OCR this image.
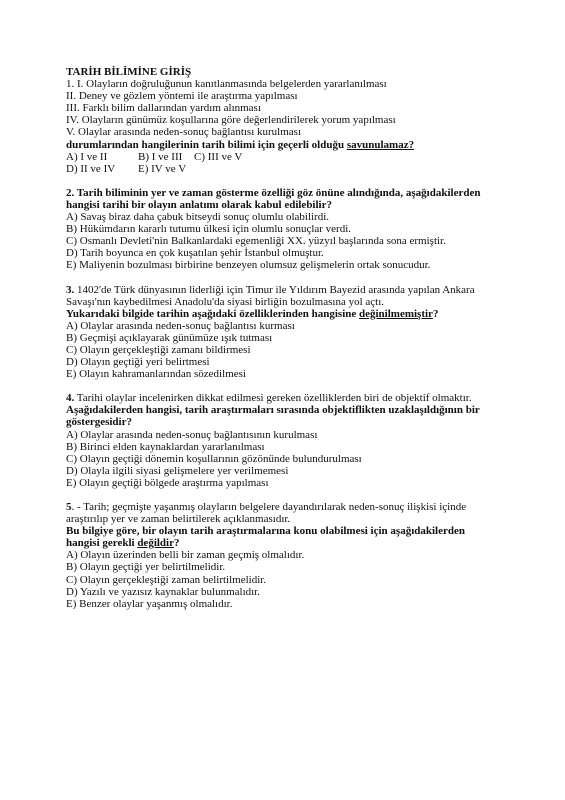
TARİH BİLİMİNE GİRİŞ
1. I. Olayların doğruluğunun kanıtlanmasında belgelerden yararlanılması
II. Deney ve gözlem yöntemi ile araştırma yapılması
III. Farklı bilim dallarından yardım alınması
IV. Olayların günümüz koşullarına göre değerlendirilerek yorum yapılması
V. Olaylar arasında neden-sonuç bağlantısı kurulması
durumlarından hangilerinin tarih bilimi için geçerli olduğu savunulamaz?
A) I ve II	B) I ve III	C) III ve V
D) II ve IV	E) IV ve V
2. Tarih biliminin yer ve zaman gösterme özelliği göz önüne alındığında, aşağıdakilerden
hangisi tarihi bir olayın anlatımı olarak kabul edilebilir?
A) Savaş biraz daha çabuk bitseydi sonuç olumlu olabilirdi.
B) Hükümdarın kararlı tutumu ülkesi için olumlu sonuçlar verdi.
C) Osmanlı Devleti'nin Balkanlardaki egemenliği XX. yüzyıl başlarında sona ermiştir.
D) Tarih boyunca en çok kuşatılan şehir İstanbul olmuştur.
E) Maliyenin bozulması birbirine benzeyen olumsuz gelişmelerin ortak sonucudur.
3. 1402'de Türk dünyasının liderliği için Timur ile Yıldırım Bayezid arasında yapılan Ankara
Savaşı'nın kaybedilmesi Anadolu'da siyasi birliğin bozulmasına yol açtı.
Yukarıdaki bilgide tarihin aşağıdaki özelliklerinden hangisine değinilmemiştir?
A) Olaylar arasında neden-sonuç bağlantısı kurması
B) Geçmişi açıklayarak günümüze ışık tutması
C) Olayın gerçekleştiği zamanı bildirmesi
D) Olayın geçtiği yeri belirtmesi
E) Olayın kahramanlarından sözedilmesi
4. Tarihi olaylar incelenirken dikkat edilmesi gereken özelliklerden biri de objektif olmaktır.
Aşağıdakilerden hangisi, tarih araştırmaları sırasında objektiflikten uzaklaşıldığının bir
göstergesidir?
A) Olaylar arasında neden-sonuç bağlantısının kurulması
B) Birinci elden kaynaklardan yararlanılması
C) Olayın geçtiği dönemin koşullarının gözönünde bulundurulması
D) Olayla ilgili siyasi gelişmelere yer verilmemesi
E) Olayın geçtiği bölgede araştırma yapılması
5. - Tarih; geçmişte yaşanmış olayların belgelere dayandırılarak neden-sonuç ilişkisi içinde
araştırılıp yer ve zaman belirtilerek açıklanmasıdır.
Bu bilgiye göre, bir olayın tarih araştırmalarına konu olabilmesi için aşağıdakilerden
hangisi gerekli değildir?
A) Olayın üzerinden belli bir zaman geçmiş olmalıdır.
B) Olayın geçtiği yer belirtilmelidir.
C) Olayın gerçekleştiği zaman belirtilmelidir.
D) Yazılı ve yazısız kaynaklar bulunmalıdır.
E) Benzer olaylar yaşanmış olmalıdır.
